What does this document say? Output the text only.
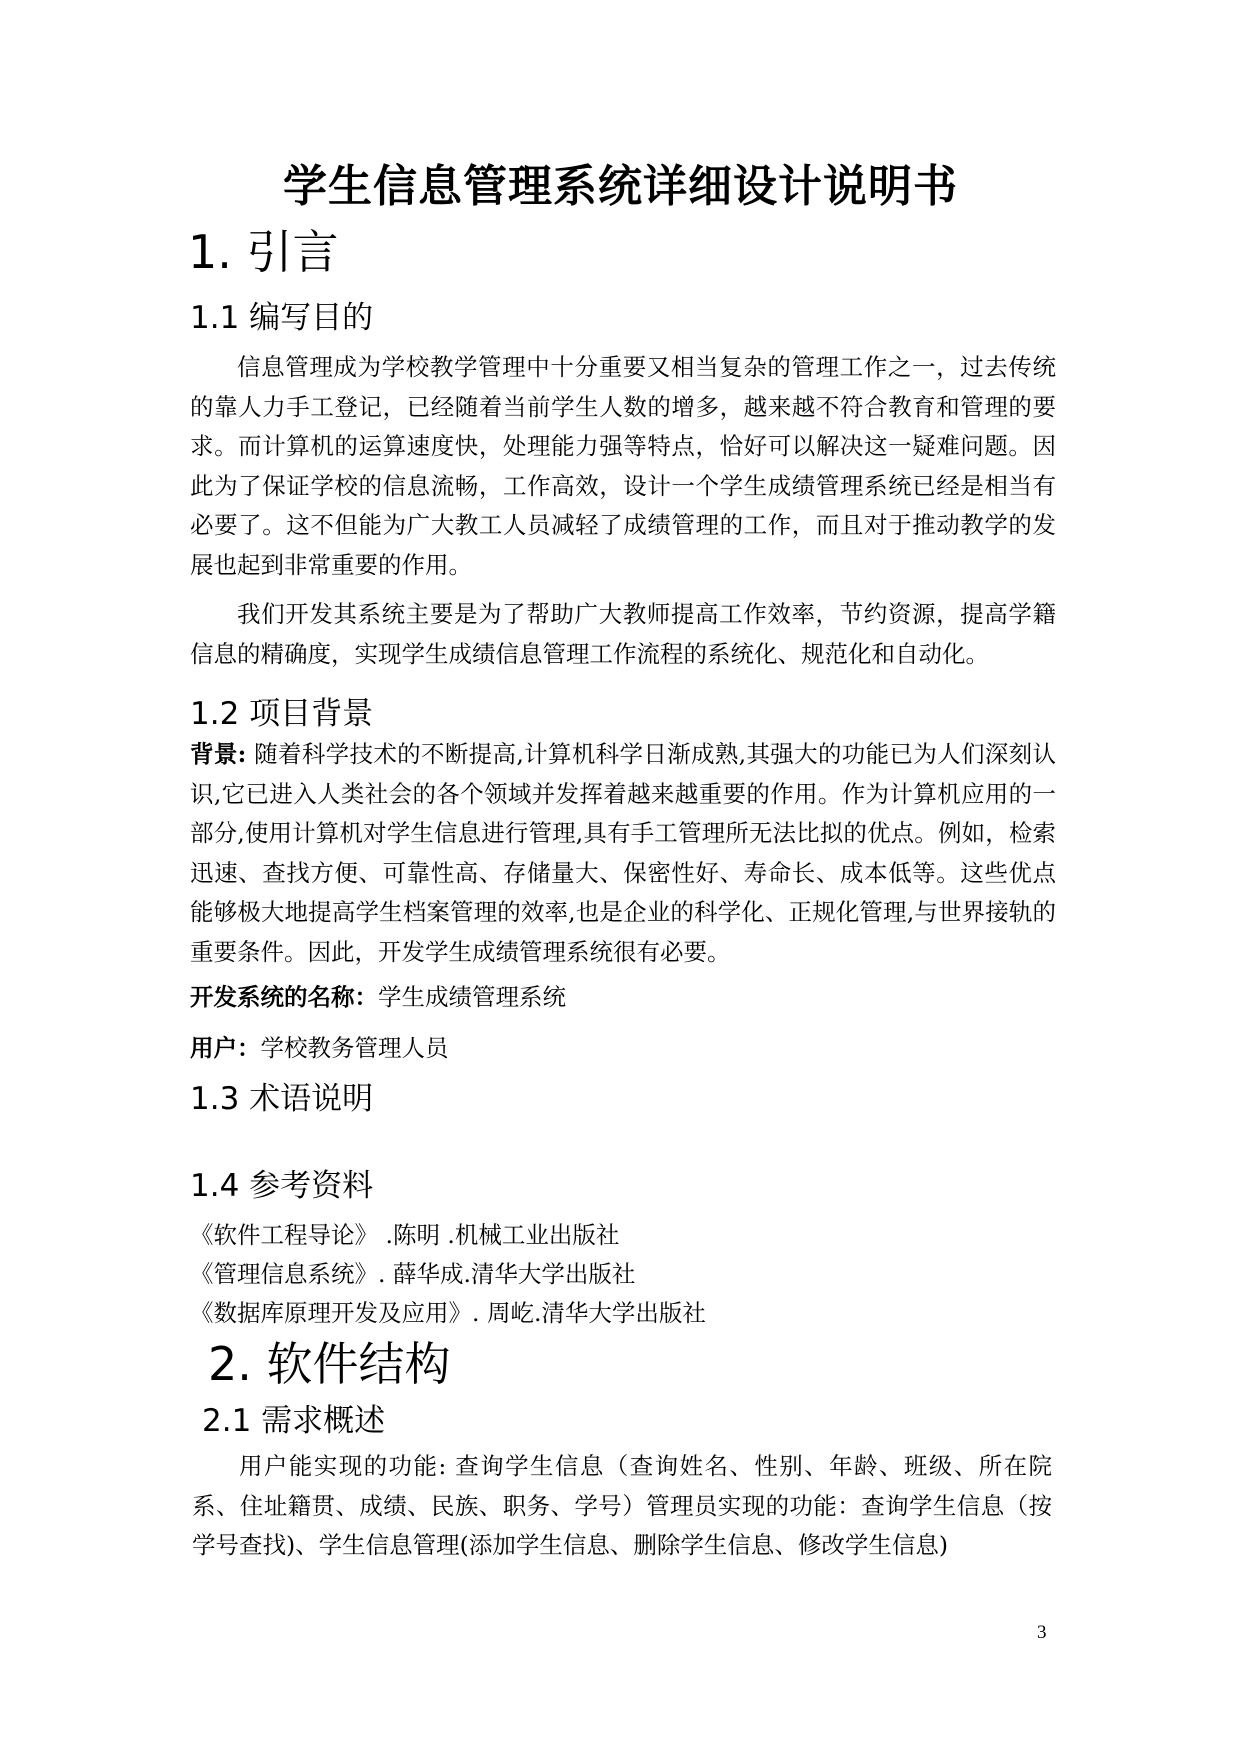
学生信息管理系统详细设计说明书
1. 引言
1.1 编写目的
信息管理成为学校教学管理中十分重要又相当复杂的管理工作之一，过去传统的靠人力手工登记，已经随着当前学生人数的增多，越来越不符合教育和管理的要求。而计算机的运算速度快，处理能力强等特点，恰好可以解决这一疑难问题。因此为了保证学校的信息流畅，工作高效，设计一个学生成绩管理系统已经是相当有必要了。这不但能为广大教工人员减轻了成绩管理的工作，而且对于推动教学的发展也起到非常重要的作用。
我们开发其系统主要是为了帮助广大教师提高工作效率，节约资源，提高学籍信息的精确度，实现学生成绩信息管理工作流程的系统化、规范化和自动化。
1.2 项目背景
背景: 随着科学技术的不断提高,计算机科学日渐成熟,其强大的功能已为人们深刻认识,它已进入人类社会的各个领域并发挥着越来越重要的作用。作为计算机应用的一部分,使用计算机对学生信息进行管理,具有手工管理所无法比拟的优点。例如，检索迅速、查找方便、可靠性高、存储量大、保密性好、寿命长、成本低等。这些优点能够极大地提高学生档案管理的效率,也是企业的科学化、正规化管理,与世界接轨的重要条件。因此，开发学生成绩管理系统很有必要。
开发系统的名称：学生成绩管理系统
用户：学校教务管理人员
1.3 术语说明
1.4 参考资料
《软件工程导论》 .陈明 .机械工业出版社
《管理信息系统》. 薛华成.清华大学出版社
《数据库原理开发及应用》. 周屹.清华大学出版社
2. 软件结构
2.1 需求概述
用户能实现的功能: 查询学生信息（查询姓名、性别、年龄、班级、所在院系、住址籍贯、成绩、民族、职务、学号）管理员实现的功能：查询学生信息（按学号查找)、学生信息管理(添加学生信息、删除学生信息、修改学生信息)
3
